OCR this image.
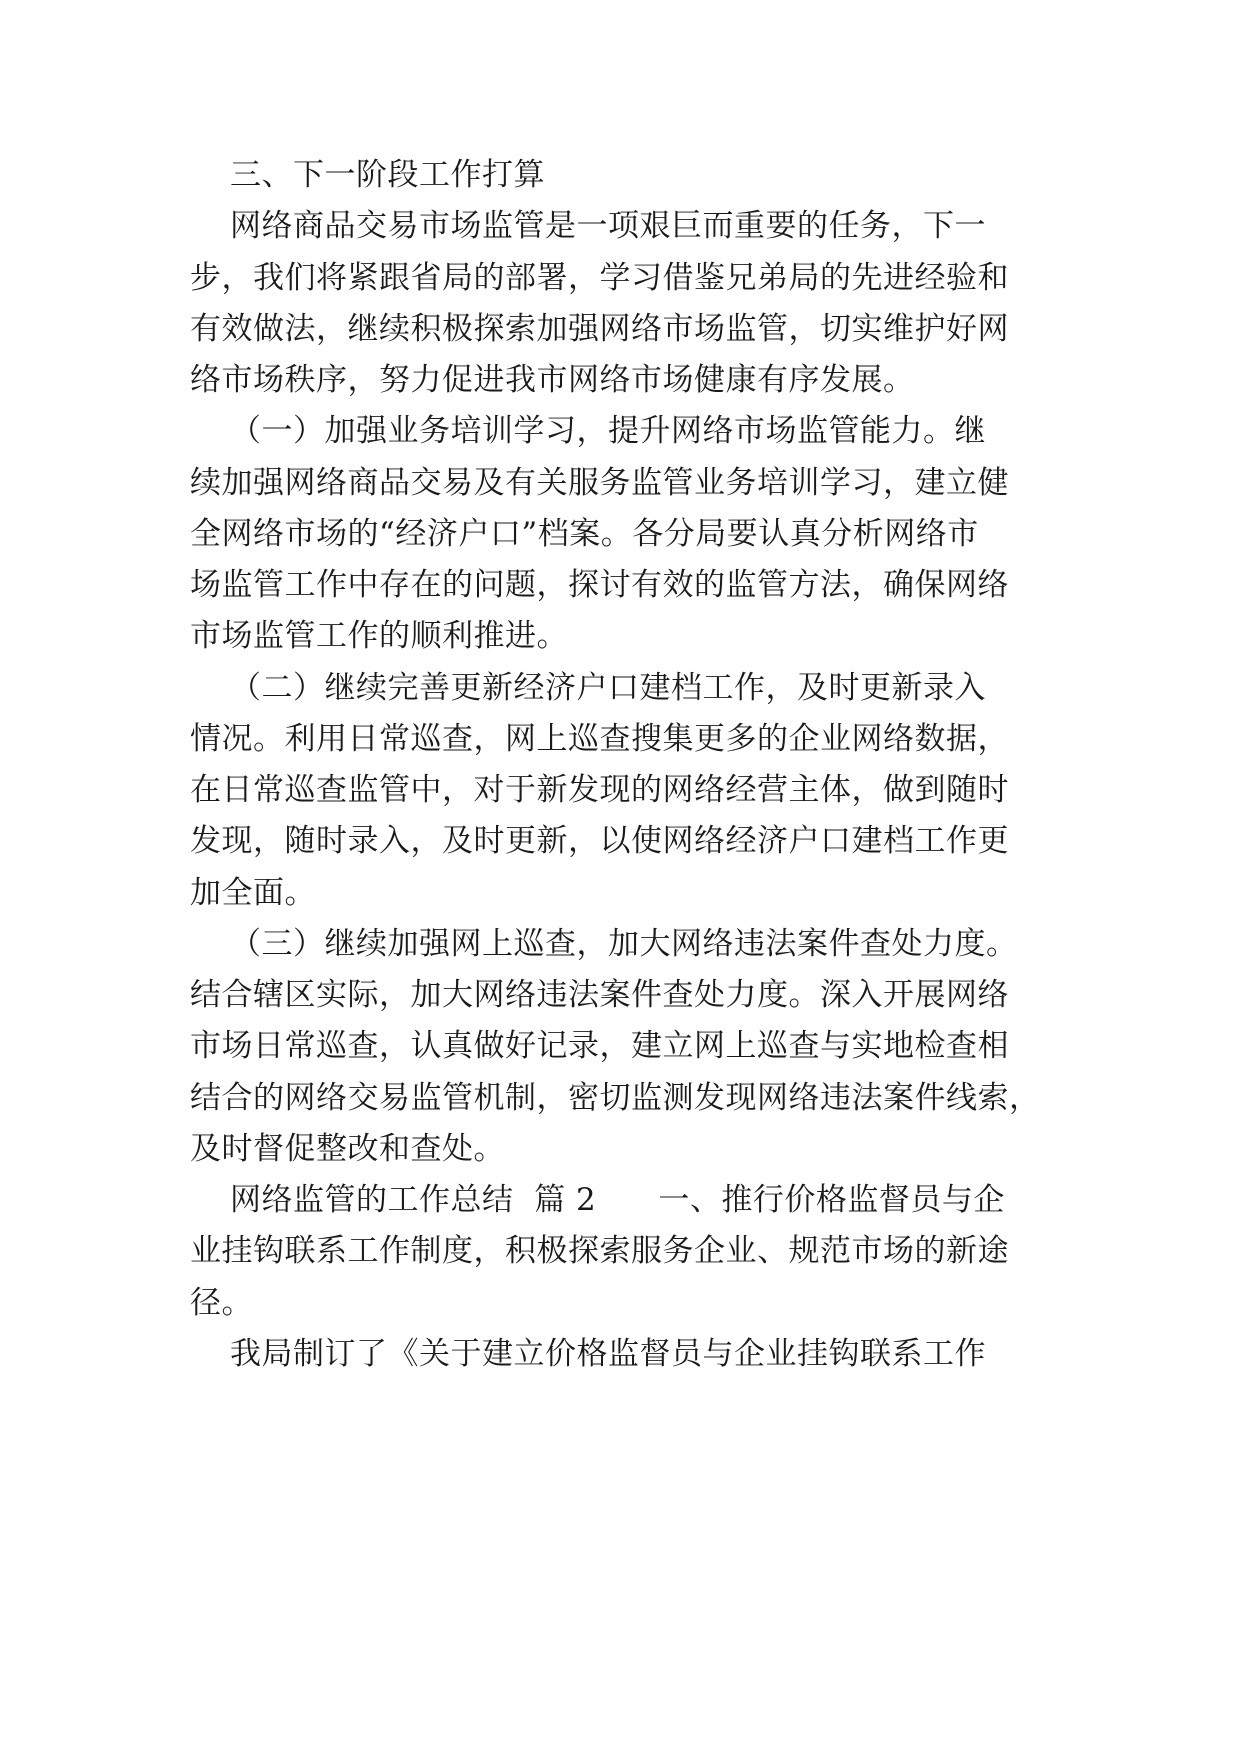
三、下一阶段工作打算
网络商品交易市场监管是一项艰巨而重要的任务，下一
步，我们将紧跟省局的部署，学习借鉴兄弟局的先进经验和
有效做法，继续积极探索加强网络市场监管，切实维护好网
络市场秩序，努力促进我市网络市场健康有序发展。
（一）加强业务培训学习，提升网络市场监管能力。继
续加强网络商品交易及有关服务监管业务培训学习，建立健
全网络市场的“经济户口”档案。各分局要认真分析网络市
场监管工作中存在的问题，探讨有效的监管方法，确保网络
市场监管工作的顺利推进。
（二）继续完善更新经济户口建档工作，及时更新录入
情况。利用日常巡查，网上巡查搜集更多的企业网络数据，
在日常巡查监管中，对于新发现的网络经营主体，做到随时
发现，随时录入，及时更新，以使网络经济户口建档工作更
加全面。
（三）继续加强网上巡查，加大网络违法案件查处力度。
结合辖区实际，加大网络违法案件查处力度。深入开展网络
市场日常巡查，认真做好记录，建立网上巡查与实地检查相
结合的网络交易监管机制，密切监测发现网络违法案件线索，
及时督促整改和查处。
网络监管的工作总结  篇 2      一、推行价格监督员与企
业挂钩联系工作制度，积极探索服务企业、规范市场的新途
径。
我局制订了《关于建立价格监督员与企业挂钩联系工作
